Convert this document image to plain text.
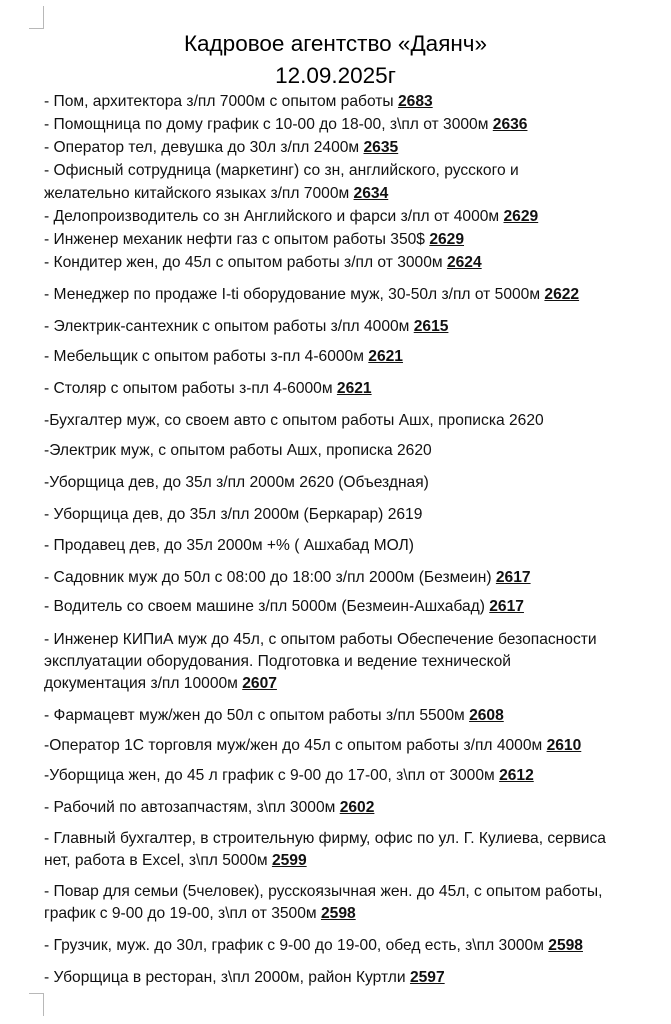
Кадровое агентство «Даянч»
12.09.2025г
- Пом, архитектора з/пл 7000м с опытом работы 2683
- Помощница по дому график с 10-00 до 18-00, з\пл от 3000м 2636
- Оператор тел, девушка до 30л з/пл 2400м 2635
- Офисный сотрудница (маркетинг) со зн, английского, русского и
желательно китайского языках з/пл 7000м 2634
- Делопроизводитель со зн Английского и фарси з/пл от 4000м 2629
- Инженер механик нефти газ с опытом работы 350$ 2629
- Кондитер жен, до 45л с опытом работы з/пл от 3000м 2624
- Менеджер по продаже I-ti оборудование муж, 30-50л з/пл от 5000м 2622
- Электрик-сантехник с опытом работы з/пл 4000м 2615
- Мебельщик с опытом работы з-пл 4-6000м 2621
- Столяр с опытом работы з-пл 4-6000м 2621
-Бухгалтер муж, со своем авто с опытом работы Ашх, прописка 2620
-Электрик муж, с опытом работы Ашх, прописка 2620
-Уборщица дев, до 35л з/пл 2000м 2620 (Объездная)
- Уборщица дев, до 35л з/пл 2000м (Беркарар) 2619
- Продавец дев, до 35л 2000м +% ( Ашхабад МОЛ)
- Садовник муж до 50л с 08:00 до 18:00 з/пл 2000м (Безмеин) 2617
- Водитель со своем машине з/пл 5000м (Безмеин-Ашхабад) 2617
- Инженер КИПиА муж до 45л, с опытом работы Обеспечение безопасности
эксплуатации оборудования. Подготовка и ведение технической
документация з/пл 10000м 2607
- Фармацевт муж/жен до 50л с опытом работы з/пл 5500м 2608
-Оператор 1С торговля муж/жен до 45л с опытом работы з/пл 4000м 2610
-Уборщица жен, до 45 л график с 9-00 до 17-00, з\пл от 3000м 2612
- Рабочий по автозапчастям, з\пл 3000м 2602
- Главный бухгалтер, в строительную фирму, офис по ул. Г. Кулиева, сервиса
нет, работа в Excel, з\пл 5000м 2599
- Повар для семьи (5человек), русскоязычная жен. до 45л, с опытом работы,
график с 9-00 до 19-00, з\пл от 3500м 2598
- Грузчик, муж. до 30л, график с 9-00 до 19-00, обед есть, з\пл 3000м 2598
- Уборщица в ресторан, з\пл 2000м, район Куртли 2597
